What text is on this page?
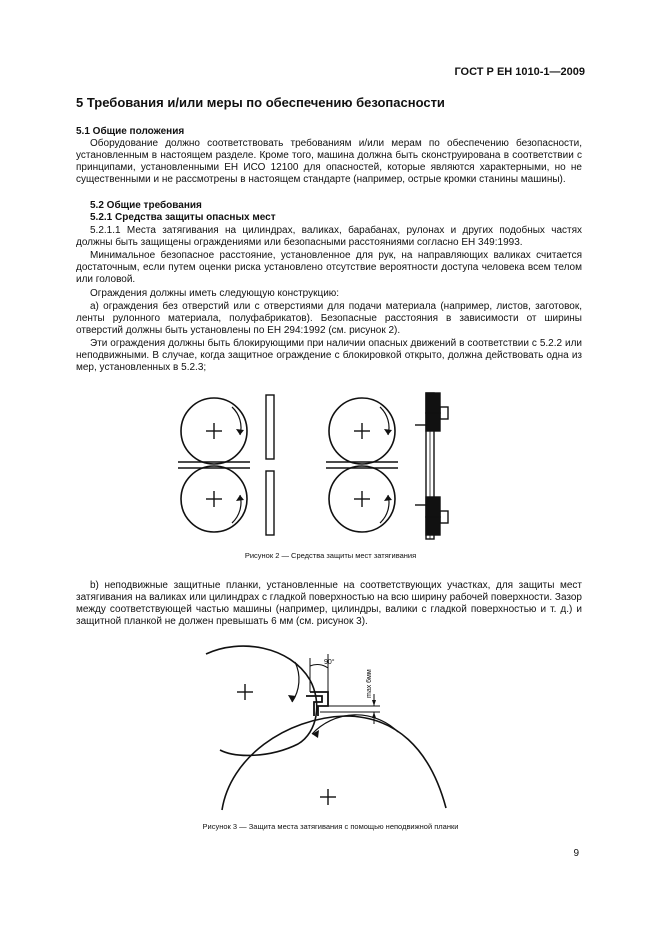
ГОСТ Р ЕН 1010-1—2009
5 Требования и/или меры по обеспечению безопасности
5.1 Общие положения

Оборудование должно соответствовать требованиям и/или мерам по обеспечению безопасности, установленным в настоящем разделе. Кроме того, машина должна быть сконструирована в соответствии с принципами, установленными ЕН ИСО 12100 для опасностей, которые являются характерными, но не существенными и не рассмотрены в настоящем стандарте (например, острые кромки станины машины).

5.2 Общие требования
5.2.1 Средства защиты опасных мест

5.2.1.1 Места затягивания на цилиндрах, валиках, барабанах, рулонах и других подобных частях должны быть защищены ограждениями или безопасными расстояниями согласно ЕН 349:1993.

Минимальное безопасное расстояние, установленное для рук, на направляющих валиках считается достаточным, если путем оценки риска установлено отсутствие вероятности доступа человека всем телом или головой.

Ограждения должны иметь следующую конструкцию:

а) ограждения без отверстий или с отверстиями для подачи материала (например, листов, заготовок, ленты рулонного материала, полуфабрикатов). Безопасные расстояния в зависимости от ширины отверстий должны быть установлены по ЕН 294:1992 (см. рисунок 2).

Эти ограждения должны быть блокирующими при наличии опасных движений в соответствии с 5.2.2 или неподвижными. В случае, когда защитное ограждение с блокировкой открыто, должна действовать одна из мер, установленных в 5.2.3;

Рисунок 2 — Средства защиты мест затягивания

b) неподвижные защитные планки, установленные на соответствующих участках, для защиты мест затягивания на валиках или цилиндрах с гладкой поверхностью на всю ширину рабочей поверхности. Зазор между соответствующей частью машины (например, цилиндры, валики с гладкой поверхностью и т. д.) и защитной планкой не должен превышать 6 мм (см. рисунок 3).

90°
max 6мм
Рисунок 3 — Защита места затягивания с помощью неподвижной планки
9
